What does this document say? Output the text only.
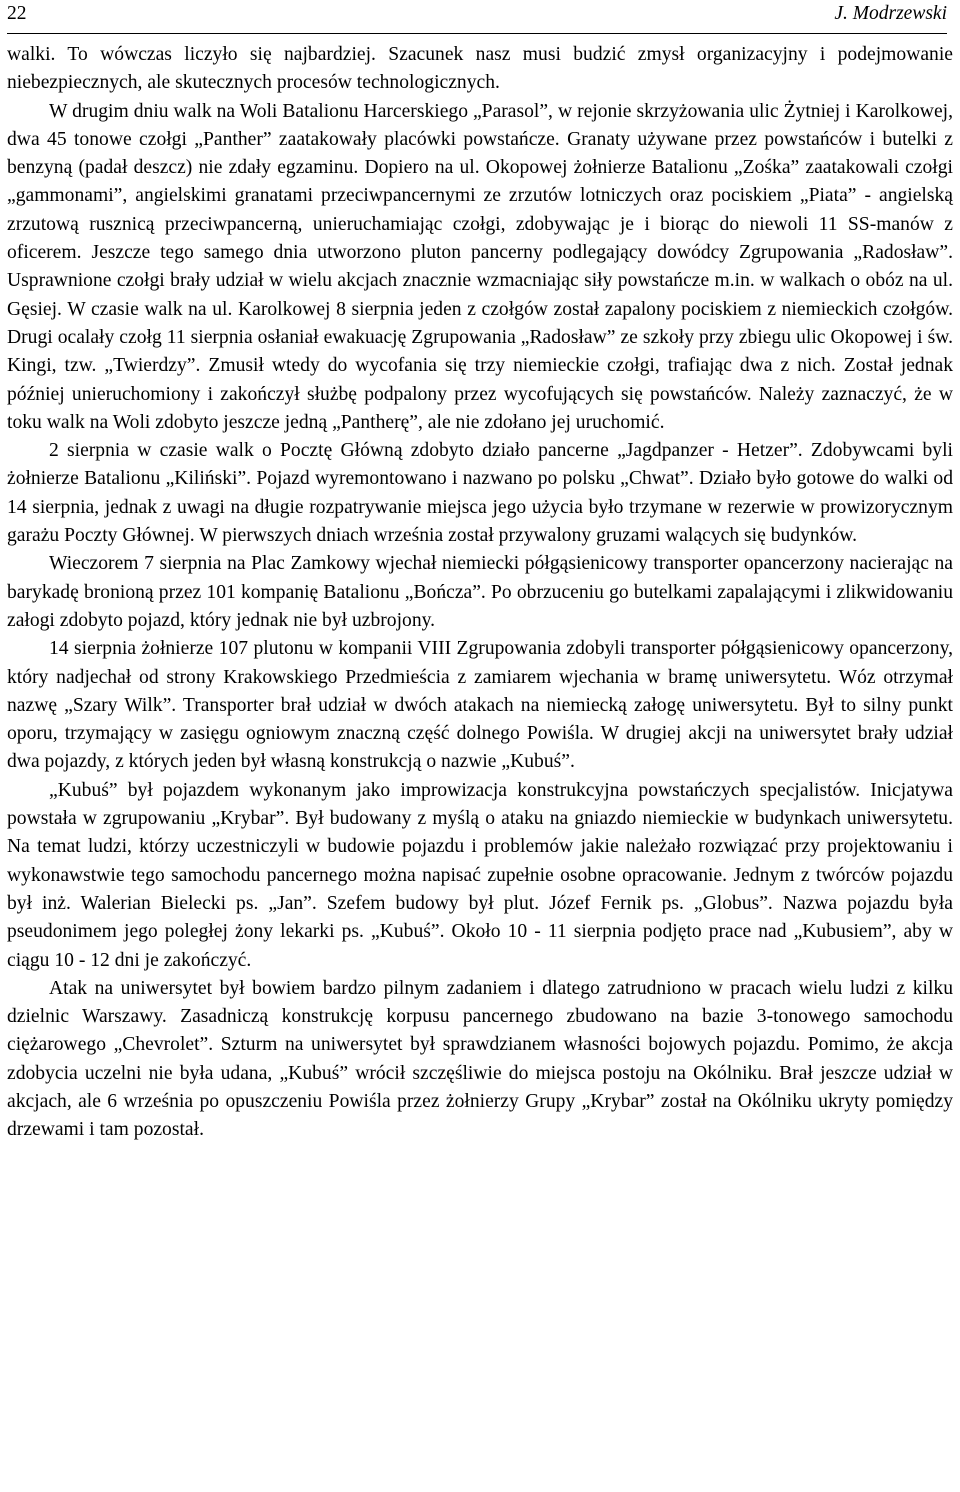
22	J. Modrzewski

walki. To wówczas liczyło się najbardziej. Szacunek nasz musi budzić zmysł organizacyjny i podejmowanie niebezpiecznych, ale skutecznych procesów technologicznych.

W drugim dniu walk na Woli Batalionu Harcerskiego „Parasol”, w rejonie skrzyżowania ulic Żytniej i Karolkowej, dwa 45 tonowe czołgi „Panther” zaatakowały placówki powstańcze. Granaty używane przez powstańców i butelki z benzyną (padał deszcz) nie zdały egzaminu. Dopiero na ul. Okopowej żołnierze Batalionu „Zośka” zaatakowali czołgi „gammonami”, angielskimi granatami przeciwpancernymi ze zrzutów lotniczych oraz pociskiem „Piata” - angielską zrzutową rusznicą przeciwpancerną, unieruchamiając czołgi, zdobywając je i biorąc do niewoli 11 SS-manów z oficerem. Jeszcze tego samego dnia utworzono pluton pancerny podlegający dowódcy Zgrupowania „Radosław”. Usprawnione czołgi brały udział w wielu akcjach znacznie wzmacniając siły powstańcze m.in. w walkach o obóz na ul. Gęsiej. W czasie walk na ul. Karolkowej 8 sierpnia jeden z czołgów został zapalony pociskiem z niemieckich czołgów. Drugi ocalały czołg 11 sierpnia osłaniał ewakuację Zgrupowania „Radosław” ze szkoły przy zbiegu ulic Okopowej i św. Kingi, tzw. „Twierdzy”. Zmusił wtedy do wycofania się trzy niemieckie czołgi, trafiając dwa z nich. Został jednak później unieruchomiony i zakończył służbę podpalony przez wycofujących się powstańców. Należy zaznaczyć, że w toku walk na Woli zdobyto jeszcze jedną „Pantherę”, ale nie zdołano jej uruchomić.

2 sierpnia w czasie walk o Pocztę Główną zdobyto działo pancerne „Jagdpanzer - Hetzer”. Zdobywcami byli żołnierze Batalionu „Kiliński”. Pojazd wyremontowano i nazwano po polsku „Chwat”. Działo było gotowe do walki od 14 sierpnia, jednak z uwagi na długie rozpatrywanie miejsca jego użycia było trzymane w rezerwie w prowizorycznym garażu Poczty Głównej. W pierwszych dniach września został przywalony gruzami walących się budynków.

Wieczorem 7 sierpnia na Plac Zamkowy wjechał niemiecki półgąsienicowy transporter opancerzony nacierając na barykadę bronioną przez 101 kompanię Batalionu „Bończa”. Po obrzuceniu go butelkami zapalającymi i zlikwidowaniu załogi zdobyto pojazd, który jednak nie był uzbrojony.

14 sierpnia żołnierze 107 plutonu w kompanii VIII Zgrupowania zdobyli transporter półgąsienicowy opancerzony, który nadjechał od strony Krakowskiego Przedmieścia z zamiarem wjechania w bramę uniwersytetu. Wóz otrzymał nazwę „Szary Wilk”. Transporter brał udział w dwóch atakach na niemiecką załogę uniwersytetu. Był to silny punkt oporu, trzymający w zasięgu ogniowym znaczną część dolnego Powiśla. W drugiej akcji na uniwersytet brały udział dwa pojazdy, z których jeden był własną konstrukcją o nazwie „Kubuś”.

„Kubuś” był pojazdem wykonanym jako improwizacja konstrukcyjna powstańczych specjalistów. Inicjatywa powstała w zgrupowaniu „Krybar”. Był budowany z myślą o ataku na gniazdo niemieckie w budynkach uniwersytetu. Na temat ludzi, którzy uczestniczyli w budowie pojazdu i problemów jakie należało rozwiązać przy projektowaniu i wykonawstwie tego samochodu pancernego można napisać zupełnie osobne opracowanie. Jednym z twórców pojazdu był inż. Walerian Bielecki ps. „Jan”. Szefem budowy był plut. Józef Fernik ps. „Globus”. Nazwa pojazdu była pseudonimem jego poległej żony lekarki ps. „Kubuś”. Około 10 - 11 sierpnia podjęto prace nad „Kubusiem”, aby w ciągu 10 - 12 dni je zakończyć.

Atak na uniwersytet był bowiem bardzo pilnym zadaniem i dlatego zatrudniono w pracach wielu ludzi z kilku dzielnic Warszawy. Zasadniczą konstrukcję korpusu pancernego zbudowano na bazie 3-tonowego samochodu ciężarowego „Chevrolet”. Szturm na uniwersytet był sprawdzianem własności bojowych pojazdu. Pomimo, że akcja zdobycia uczelni nie była udana, „Kubuś” wrócił szczęśliwie do miejsca postoju na Okólniku. Brał jeszcze udział w akcjach, ale 6 września po opuszczeniu Powiśla przez żołnierzy Grupy „Krybar” został na Okólniku ukryty pomiędzy drzewami i tam pozostał.
